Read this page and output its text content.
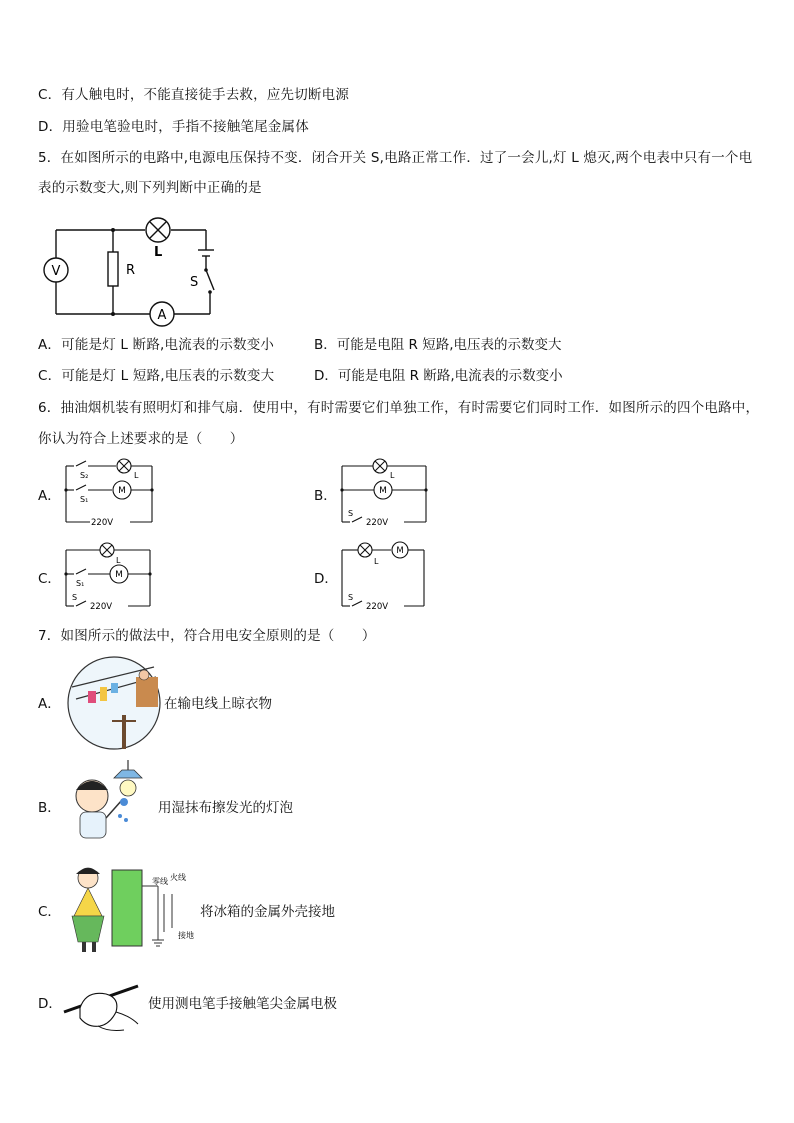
C．有人触电时，不能直接徒手去救，应先切断电源
D．用验电笔验电时，手指不接触笔尾金属体
5．在如图所示的电路中,电源电压保持不变．闭合开关 S,电路正常工作．过了一会儿,灯 L 熄灭,两个电表中只有一个电
表的示数变大,则下列判断中正确的是
V
A
R
L
S
A．可能是灯 L 断路,电流表的示数变小	B．可能是电阻 R 短路,电压表的示数变大
C．可能是灯 L 短路,电压表的示数变大	D．可能是电阻 R 断路,电流表的示数变小
6．抽油烟机装有照明灯和排气扇．使用中，有时需要它们单独工作，有时需要它们同时工作．如图所示的四个电路中，
你认为符合上述要求的是（　　）
A．
S₂
S₁
L
M
220V
B．
L
M
S
220V
C．
L
S₁
M
S
220V
D．
L
M
S
220V
7．如图所示的做法中，符合用电安全原则的是（　　）
A．	在输电线上晾衣物
B．	用湿抹布擦发光的灯泡
C．
零线 火线
接地
将冰箱的金属外壳接地
D．	使用测电笔手接触笔尖金属电极
